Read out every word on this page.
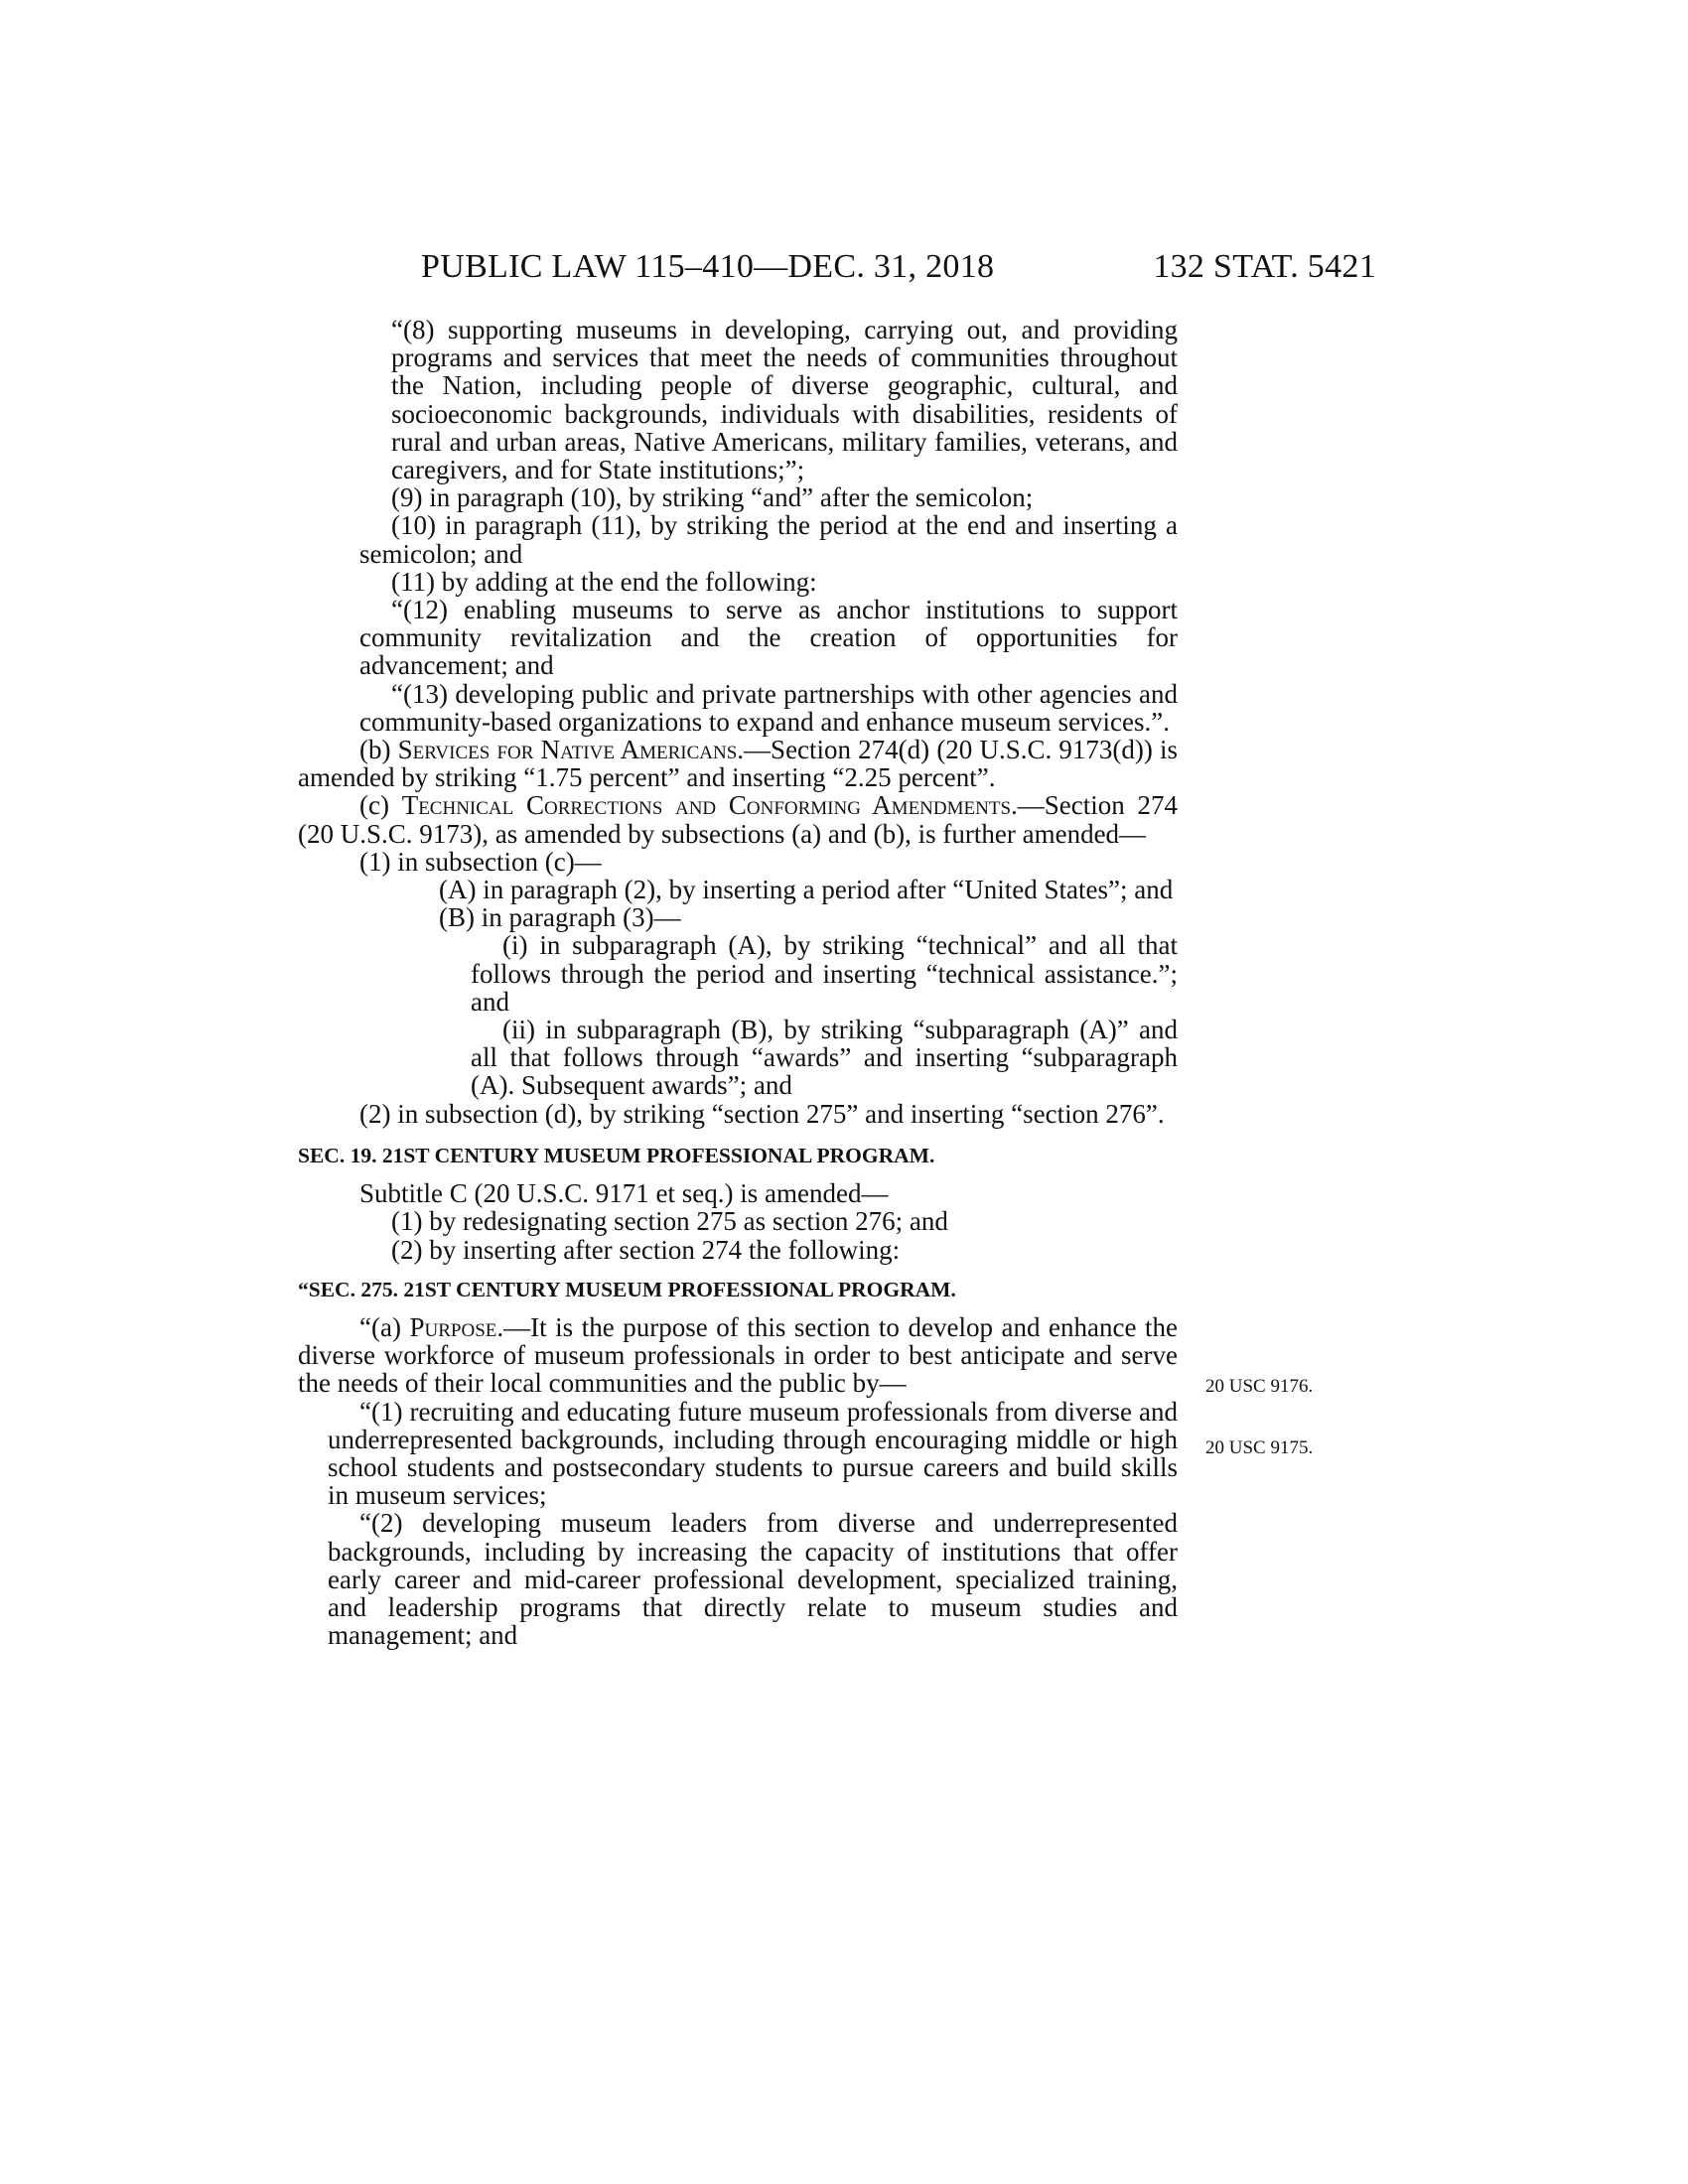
PUBLIC LAW 115–410—DEC. 31, 2018	132 STAT. 5421

“(8) supporting museums in developing, carrying out, and providing programs and services that meet the needs of communities throughout the Nation, including people of diverse geographic, cultural, and socioeconomic backgrounds, individuals with disabilities, residents of rural and urban areas, Native Americans, military families, veterans, and caregivers, and for State institutions;”;

(9) in paragraph (10), by striking “and” after the semicolon;

(10) in paragraph (11), by striking the period at the end and inserting a semicolon; and

(11) by adding at the end the following:

“(12) enabling museums to serve as anchor institutions to support community revitalization and the creation of opportunities for advancement; and

“(13) developing public and private partnerships with other agencies and community-based organizations to expand and enhance museum services.”.

(b) Services for Native Americans.—Section 274(d) (20 U.S.C. 9173(d)) is amended by striking “1.75 percent” and inserting “2.25 percent”.

(c) Technical Corrections and Conforming Amendments.—Section 274 (20 U.S.C. 9173), as amended by subsections (a) and (b), is further amended—

(1) in subsection (c)—

(A) in paragraph (2), by inserting a period after “United States”; and

(B) in paragraph (3)—

(i) in subparagraph (A), by striking “technical” and all that follows through the period and inserting “technical assistance.”; and

(ii) in subparagraph (B), by striking “subparagraph (A)” and all that follows through “awards” and inserting “subparagraph (A). Subsequent awards”; and

(2) in subsection (d), by striking “section 275” and inserting “section 276”.

SEC. 19. 21ST CENTURY MUSEUM PROFESSIONAL PROGRAM.

Subtitle C (20 U.S.C. 9171 et seq.) is amended—

(1) by redesignating section 275 as section 276; and

(2) by inserting after section 274 the following:

“SEC. 275. 21ST CENTURY MUSEUM PROFESSIONAL PROGRAM.

“(a) Purpose.—It is the purpose of this section to develop and enhance the diverse workforce of museum professionals in order to best anticipate and serve the needs of their local communities and the public by—

“(1) recruiting and educating future museum professionals from diverse and underrepresented backgrounds, including through encouraging middle or high school students and postsecondary students to pursue careers and build skills in museum services;

“(2) developing museum leaders from diverse and underrepresented backgrounds, including by increasing the capacity of institutions that offer early career and mid-career professional development, specialized training, and leadership programs that directly relate to museum studies and management; and

20 USC 9176.
20 USC 9175.
